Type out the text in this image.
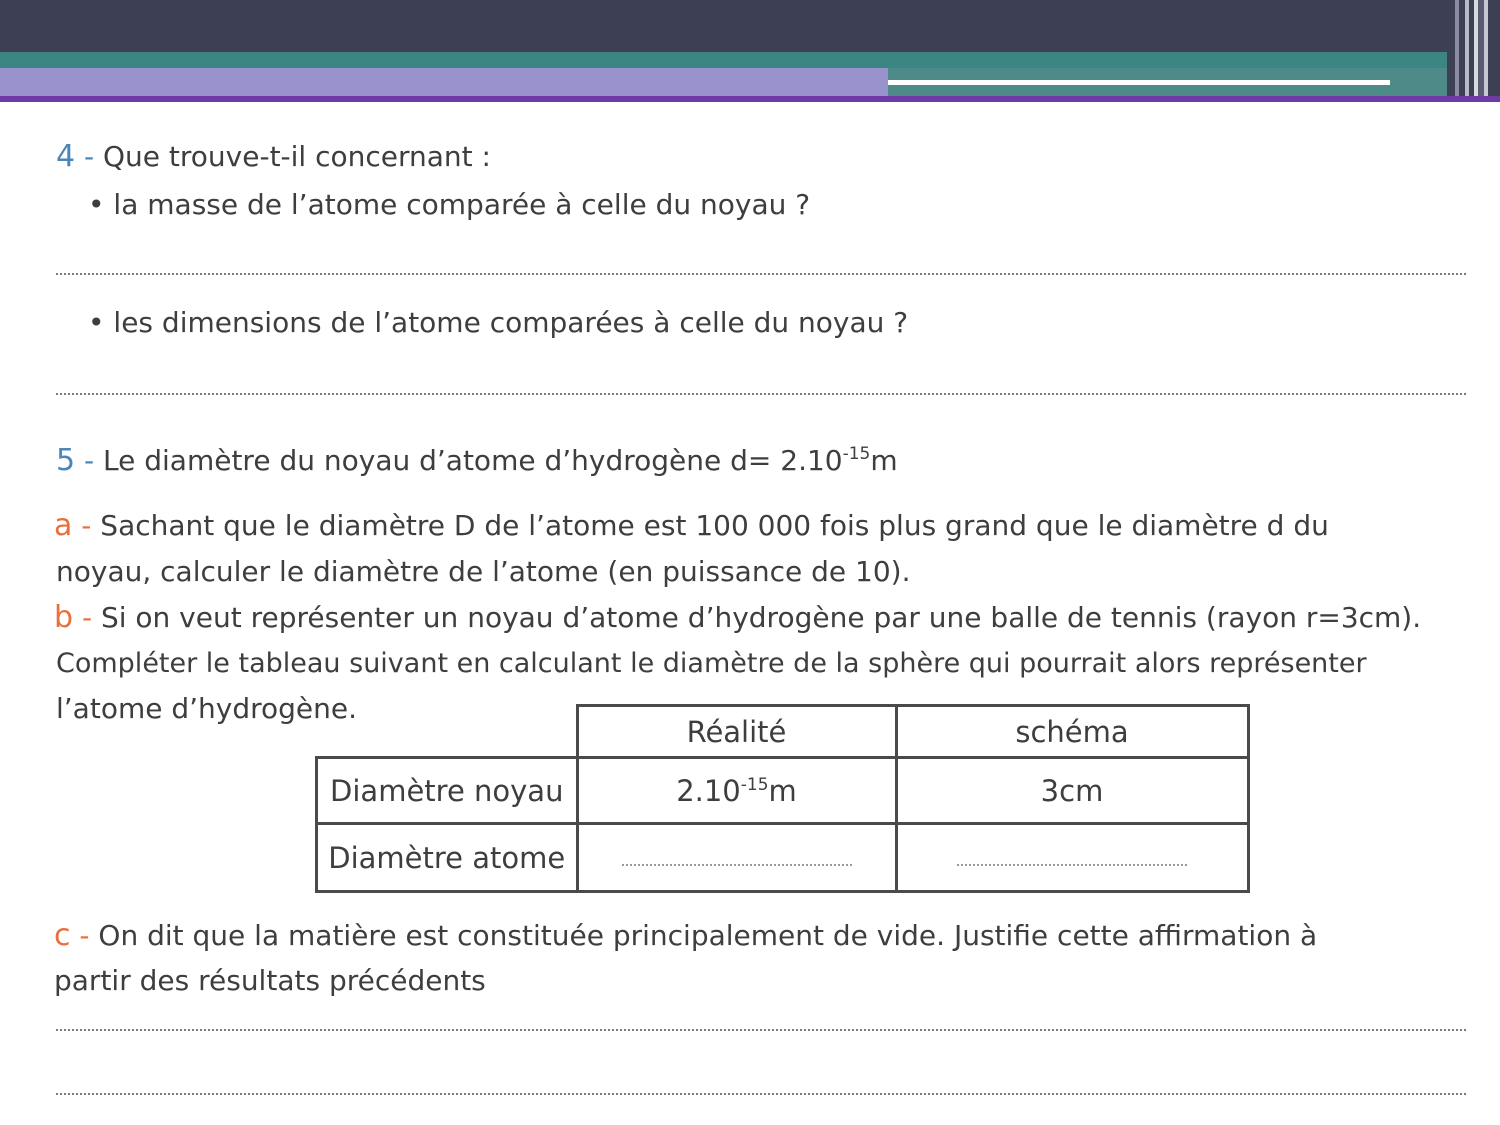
4 - Que trouve-t-il concernant :
• la masse de l’atome comparée à celle du noyau ?
• les dimensions de l’atome comparées à celle du noyau ?
5 - Le diamètre du noyau d’atome d’hydrogène $d= 2.10^{-15}m$
a - Sachant que le diamètre D de l’atome est 100 000 fois plus grand que le diamètre d du
noyau, calculer le diamètre de l’atome (en puissance de 10).
b - Si on veut représenter un noyau d’atome d’hydrogène par une balle de tennis (rayon r=3cm).
Compléter le tableau suivant en calculant le diamètre de la sphère qui pourrait alors représenter
l’atome d’hydrogène.
	Réalité	schéma
Diamètre noyau	$2.10^{-15}m$	3cm
Diamètre atome		
c - On dit que la matière est constituée principalement de vide. Justifie cette affirmation à
partir des résultats précédents
